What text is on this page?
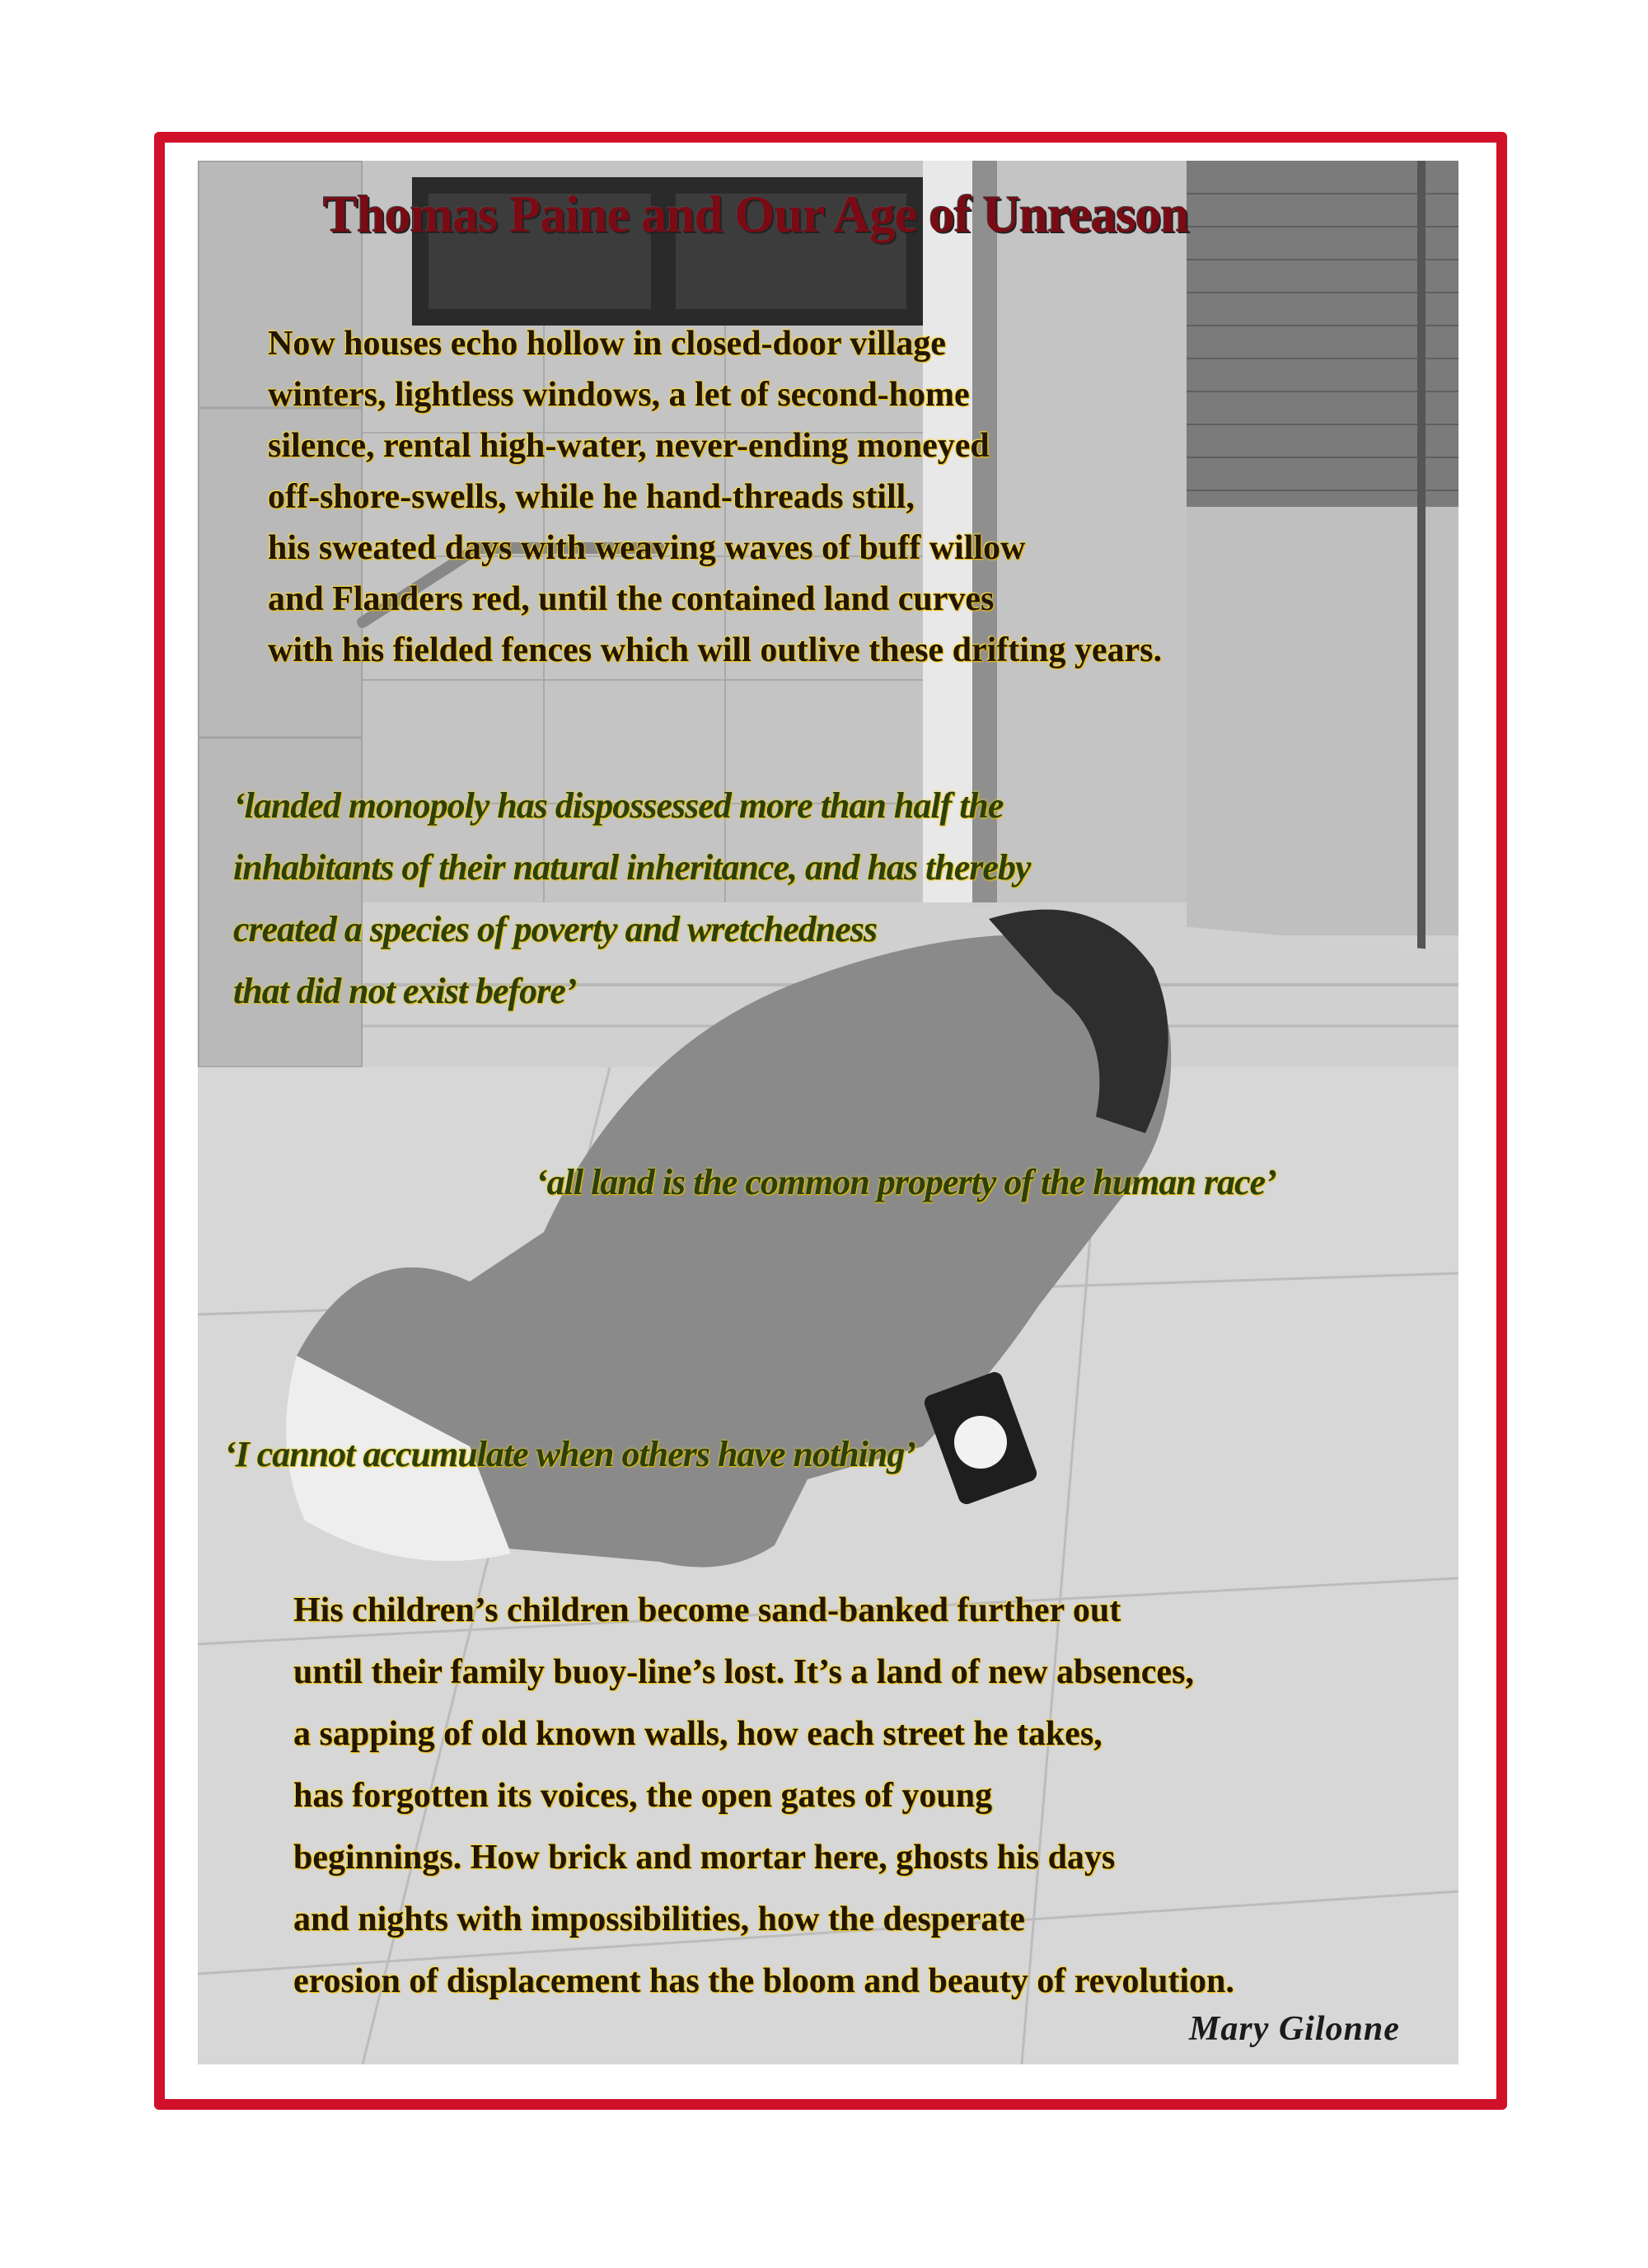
Thomas Paine and Our Age of Unreason

Now houses echo hollow in closed-door village
winters, lightless windows, a let of second-home
silence, rental high-water, never-ending moneyed
off-shore-swells, while he hand-threads still,
his sweated days with weaving waves of buff willow
and Flanders red, until the contained land curves
with his fielded fences which will outlive these drifting years.

‘landed monopoly has dispossessed more than half the
inhabitants of their natural inheritance, and has thereby
created a species of poverty and wretchedness
that did not exist before’

‘all land is the common property of the human race’

‘I cannot accumulate when others have nothing’

His children’s children become sand-banked further out
until their family buoy-line’s lost. It’s a land of new absences,
a sapping of old known walls, how each street he takes,
has forgotten its voices, the open gates of young
beginnings. How brick and mortar here, ghosts his days
and nights with impossibilities, how the desperate
erosion of displacement has the bloom and beauty of revolution.

Mary Gilonne
